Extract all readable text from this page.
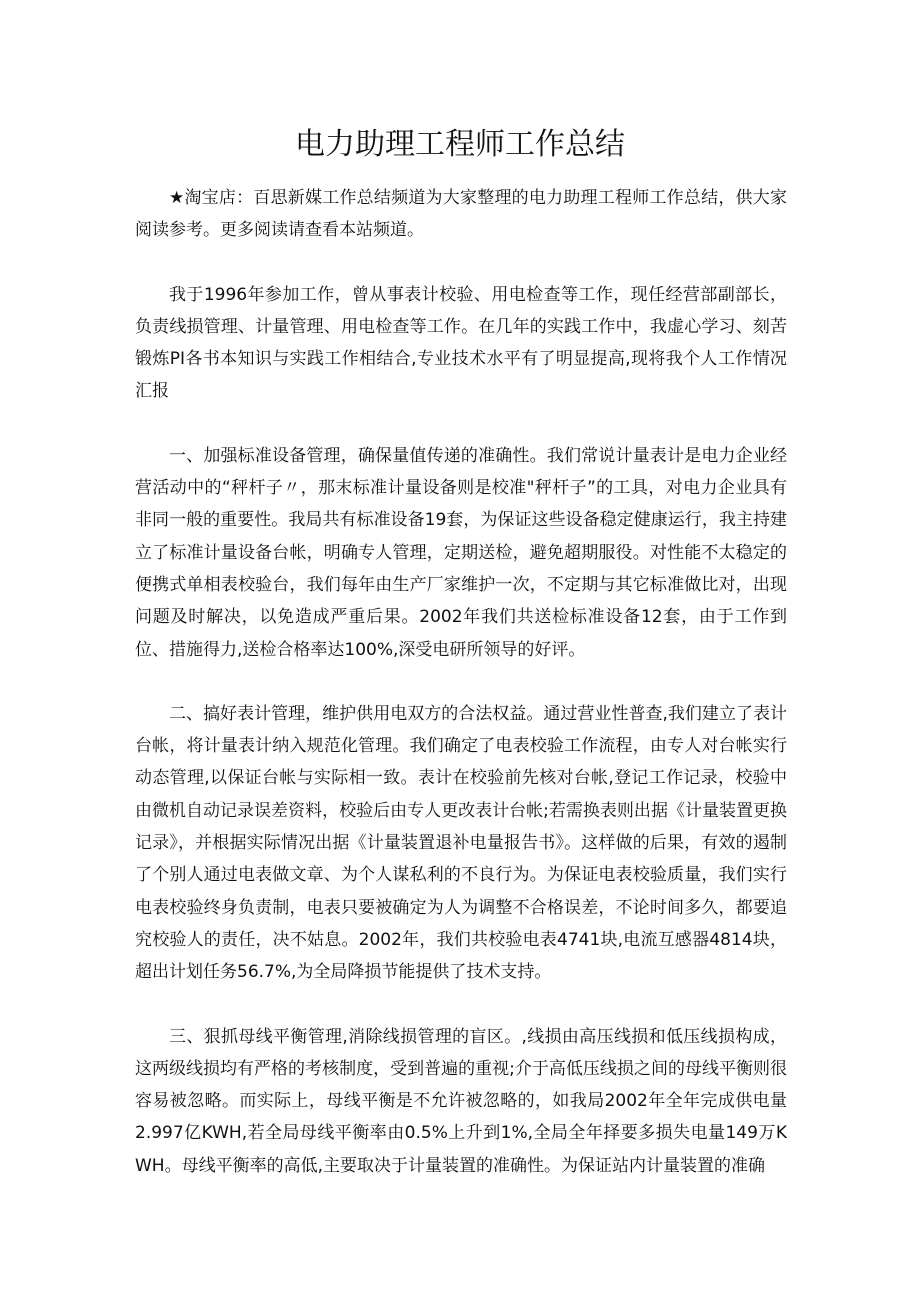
电力助理工程师工作总结

★淘宝店：百思新媒工作总结频道为大家整理的电力助理工程师工作总结，供大家阅读参考。更多阅读请查看本站频道。

我于1996年参加工作，曾从事表计校验、用电检查等工作，现任经营部副部长，负责线损管理、计量管理、用电检查等工作。在几年的实践工作中，我虚心学习、刻苦锻炼PI各书本知识与实践工作相结合,专业技术水平有了明显提高,现将我个人工作情况汇报

一、加强标准设备管理，确保量值传递的准确性。我们常说计量表计是电力企业经营活动中的“秤杆子〃，那末标准计量设备则是校准"秤杆子”的工具，对电力企业具有非同一般的重要性。我局共有标准设备19套，为保证这些设备稳定健康运行，我主持建立了标准计量设备台帐，明确专人管理，定期送检，避免超期服役。对性能不太稳定的便携式单相表校验台，我们每年由生产厂家维护一次，不定期与其它标准做比对，出现问题及时解决，以免造成严重后果。2002年我们共送检标准设备12套，由于工作到位、措施得力,送检合格率达100%,深受电研所领导的好评。

二、搞好表计管理，维护供用电双方的合法权益。通过营业性普查,我们建立了表计台帐，将计量表计纳入规范化管理。我们确定了电表校验工作流程，由专人对台帐实行动态管理,以保证台帐与实际相一致。表计在校验前先核对台帐,登记工作记录，校验中由微机自动记录误差资料，校验后由专人更改表计台帐;若需换表则出据《计量装置更换记录》，并根据实际情况出据《计量装置退补电量报告书》。这样做的后果，有效的遏制了个别人通过电表做文章、为个人谋私利的不良行为。为保证电表校验质量，我们实行电表校验终身负责制，电表只要被确定为人为调整不合格误差，不论时间多久，都要追究校验人的责任，决不姑息。2002年，我们共校验电表4741块,电流互感器4814块，超出计划任务56.7%,为全局降损节能提供了技术支持。

三、狠抓母线平衡管理,消除线损管理的盲区。,线损由高压线损和低压线损构成，这两级线损均有严格的考核制度，受到普遍的重视;介于高低压线损之间的母线平衡则很容易被忽略。而实际上，母线平衡是不允许被忽略的，如我局2002年全年完成供电量2.997亿KWH,若全局母线平衡率由0.5%上升到1%,全局全年择要多损失电量149万KWH。母线平衡率的高低,主要取决于计量装置的准确性。为保证站内计量装置的准确
